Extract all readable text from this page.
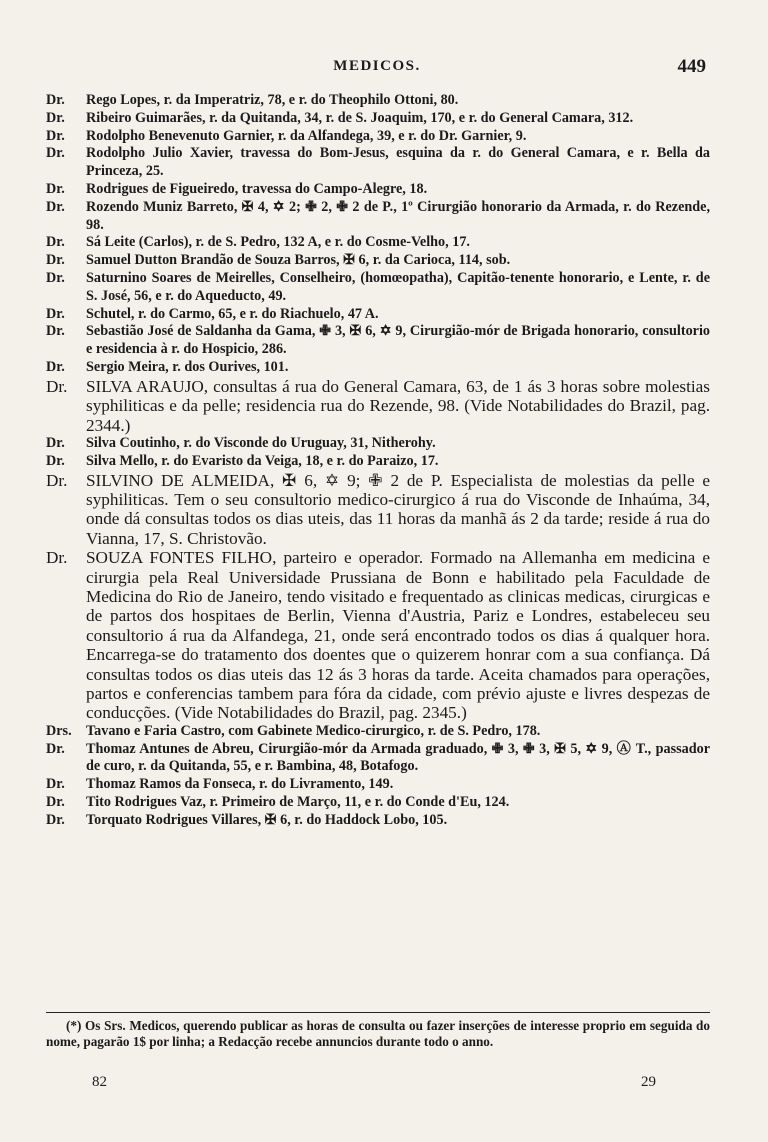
MEDICOS.	449

Dr. Rego Lopes, r. da Imperatriz, 78, e r. do Theophilo Ottoni, 80.

Dr. Ribeiro Guimarães, r. da Quitanda, 34, r. de S. Joaquim, 170, e r. do General Camara, 312.

Dr. Rodolpho Benevenuto Garnier, r. da Alfandega, 39, e r. do Dr. Garnier, 9.

Dr. Rodolpho Julio Xavier, travessa do Bom-Jesus, esquina da r. do General Camara, e r. Bella da Princeza, 25.

Dr. Rodrigues de Figueiredo, travessa do Campo-Alegre, 18.

Dr. Rozendo Muniz Barreto, ✠ 4, ✡ 2; ✙ 2, ✙ 2 de P., 1º Cirurgião honorario da Armada, r. do Rezende, 98.

Dr. Sá Leite (Carlos), r. de S. Pedro, 132 A, e r. do Cosme-Velho, 17.

Dr. Samuel Dutton Brandão de Souza Barros, ✠ 6, r. da Carioca, 114, sob.

Dr. Saturnino Soares de Meirelles, Conselheiro, (homœopatha), Capitão-tenente honorario, e Lente, r. de S. José, 56, e r. do Aqueducto, 49.

Dr. Schutel, r. do Carmo, 65, e r. do Riachuelo, 47 A.

Dr. Sebastião José de Saldanha da Gama, ✙ 3, ✠ 6, ✡ 9, Cirurgião-mór de Brigada honorario, consultorio e residencia à r. do Hospicio, 286.

Dr. Sergio Meira, r. dos Ourives, 101.

Dr. SILVA ARAUJO, consultas á rua do General Camara, 63, de 1 ás 3 horas sobre molestias syphiliticas e da pelle; residencia rua do Rezende, 98. (Vide Notabilidades do Brazil, pag. 2344.)

Dr. Silva Coutinho, r. do Visconde do Uruguay, 31, Nitherohy.

Dr. Silva Mello, r. do Evaristo da Veiga, 18, e r. do Paraizo, 17.

Dr. SILVINO DE ALMEIDA, ✠ 6, ✡ 9; ✙ 2 de P. Especialista de molestias da pelle e syphiliticas. Tem o seu consultorio medico-cirurgico á rua do Visconde de Inhaúma, 34, onde dá consultas todos os dias uteis, das 11 horas da manhã ás 2 da tarde; reside á rua do Vianna, 17, S. Christovão.

Dr. SOUZA FONTES FILHO, parteiro e operador. Formado na Allemanha em medicina e cirurgia pela Real Universidade Prussiana de Bonn e habilitado pela Faculdade de Medicina do Rio de Janeiro, tendo visitado e frequentado as clinicas medicas, cirurgicas e de partos dos hospitaes de Berlin, Vienna d'Austria, Pariz e Londres, estabeleceu seu consultorio á rua da Alfandega, 21, onde será encontrado todos os dias á qualquer hora. Encarrega-se do tratamento dos doentes que o quizerem honrar com a sua confiança. Dá consultas todos os dias uteis das 12 ás 3 horas da tarde. Aceita chamados para operações, partos e conferencias tambem para fóra da cidade, com prévio ajuste e livres despezas de conducções. (Vide Notabilidades do Brazil, pag. 2345.)

Drs. Tavano e Faria Castro, com Gabinete Medico-cirurgico, r. de S. Pedro, 178.

Dr. Thomaz Antunes de Abreu, Cirurgião-mór da Armada graduado, ✙ 3, ✙ 3, ✠ 5, ✡ 9, Ⓐ T., passador de curo, r. da Quitanda, 55, e r. Bambina, 48, Botafogo.

Dr. Thomaz Ramos da Fonseca, r. do Livramento, 149.

Dr. Tito Rodrigues Vaz, r. Primeiro de Março, 11, e r. do Conde d'Eu, 124.

Dr. Torquato Rodrigues Villares, ✠ 6, r. do Haddock Lobo, 105.

(*) Os Srs. Medicos, querendo publicar as horas de consulta ou fazer inserções de interesse proprio em seguida do nome, pagarão 1$ por linha; a Redacção recebe annuncios durante todo o anno.
82	29
